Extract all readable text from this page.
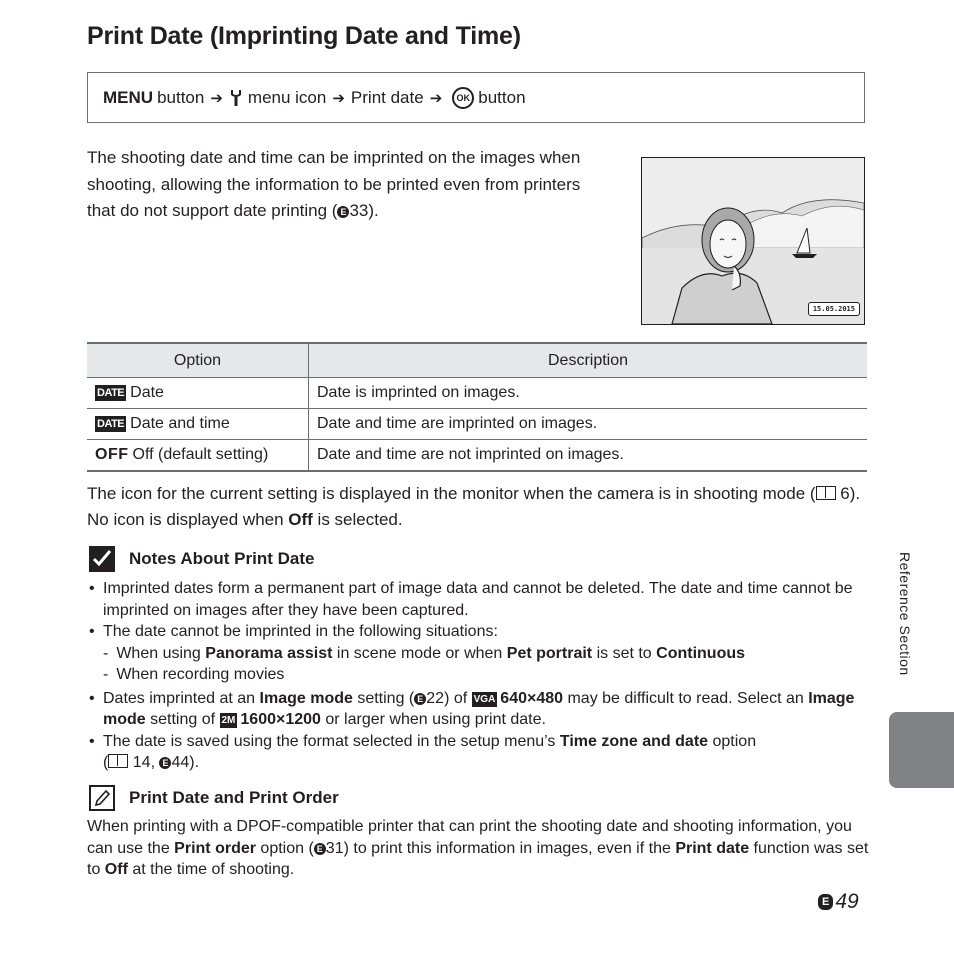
Print Date (Imprinting Date and Time)
MENU button ➔ menu icon ➔ Print date ➔	OK button

The shooting date and time can be imprinted on the images when shooting, allowing the information to be printed even from printers that do not support date printing ( E 33).

15.05.2015
Option	Description
DATE Date	Date is imprinted on images.
DATE Date and time	Date and time are imprinted on images.
OFF Off (default setting)	Date and time are not imprinted on images.

The icon for the current setting is displayed in the monitor when the camera is in shooting mode ( 6). No icon is displayed when Off is selected.

Notes About Print Date
• Imprinted dates form a permanent part of image data and cannot be deleted. The date and time cannot be imprinted on images after they have been captured.
• The date cannot be imprinted in the following situations:
- When using Panorama assist in scene mode or when Pet portrait is set to Continuous
- When recording movies
• Dates imprinted at an Image mode setting ( E 22) of VGA 640×480 may be difficult to read. Select an Image mode setting of 2M 1600×1200 or larger when using print date.
• The date is saved using the format selected in the setup menu’s Time zone and date option
( 14, E 44).
Print Date and Print Order

When printing with a DPOF-compatible printer that can print the shooting date and shooting information, you can use the Print order option ( E 31) to print this information in images, even if the Print date function was set to Off at the time of shooting.

E 49
Reference Section
